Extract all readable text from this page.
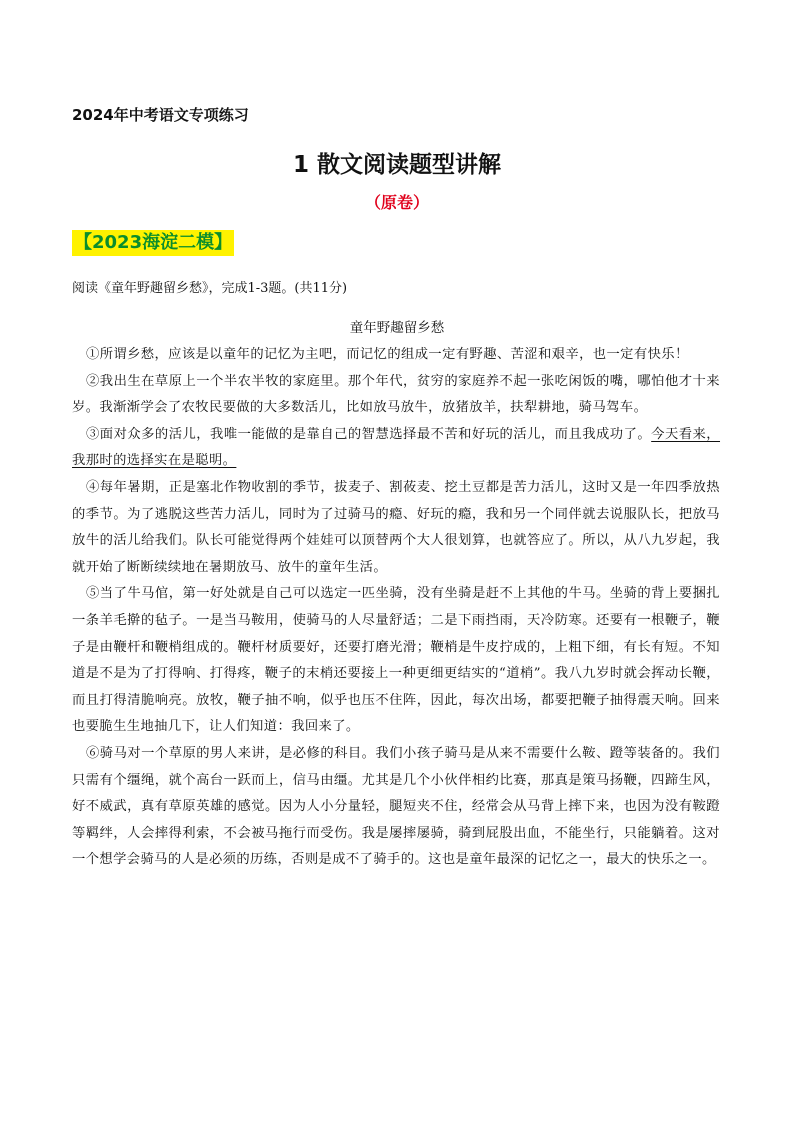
2024年中考语文专项练习
1 散文阅读题型讲解
（原卷）
【2023海淀二模】
阅读《童年野趣留乡愁》，完成1-3题。(共11分)
童年野趣留乡愁

①所谓乡愁，应该是以童年的记忆为主吧，而记忆的组成一定有野趣、苦涩和艰辛，也一定有快乐！

②我出生在草原上一个半农半牧的家庭里。那个年代，贫穷的家庭养不起一张吃闲饭的嘴，哪怕他才十来岁。我渐渐学会了农牧民要做的大多数活儿，比如放马放牛，放猪放羊，扶犁耕地，骑马驾车。

③面对众多的活儿，我唯一能做的是靠自己的智慧选择最不苦和好玩的活儿，而且我成功了。今天看来，我那时的选择实在是聪明。

④每年暑期，正是塞北作物收割的季节，拔麦子、割莜麦、挖土豆都是苦力活儿，这时又是一年四季放热的季节。为了逃脱这些苦力活儿，同时为了过骑马的瘾、好玩的瘾，我和另一个同伴就去说服队长，把放马放牛的活儿给我们。队长可能觉得两个娃娃可以顶替两个大人很划算，也就答应了。所以，从八九岁起，我就开始了断断续续地在暑期放马、放牛的童年生活。

⑤当了牛马倌，第一好处就是自己可以选定一匹坐骑，没有坐骑是赶不上其他的牛马。坐骑的背上要捆扎一条羊毛擀的毡子。一是当马鞍用，使骑马的人尽量舒适；二是下雨挡雨，天冷防寒。还要有一根鞭子，鞭子是由鞭杆和鞭梢组成的。鞭杆材质要好，还要打磨光滑；鞭梢是牛皮拧成的，上粗下细，有长有短。不知道是不是为了打得响、打得疼，鞭子的末梢还要接上一种更细更结实的“道梢”。我八九岁时就会挥动长鞭，而且打得清脆响亮。放牧，鞭子抽不响，似乎也压不住阵，因此，每次出场，都要把鞭子抽得震天响。回来也要脆生生地抽几下，让人们知道：我回来了。

⑥骑马对一个草原的男人来讲，是必修的科目。我们小孩子骑马是从来不需要什么鞍、蹬等装备的。我们只需有个缰绳，就个高台一跃而上，信马由缰。尤其是几个小伙伴相约比赛，那真是策马扬鞭，四蹄生风，好不威武，真有草原英雄的感觉。因为人小分量轻，腿短夹不住，经常会从马背上摔下来，也因为没有鞍蹬等羁绊，人会摔得利索，不会被马拖行而受伤。我是屡摔屡骑，骑到屁股出血，不能坐行，只能躺着。这对一个想学会骑马的人是必须的历练，否则是成不了骑手的。这也是童年最深的记忆之一，最大的快乐之一。
